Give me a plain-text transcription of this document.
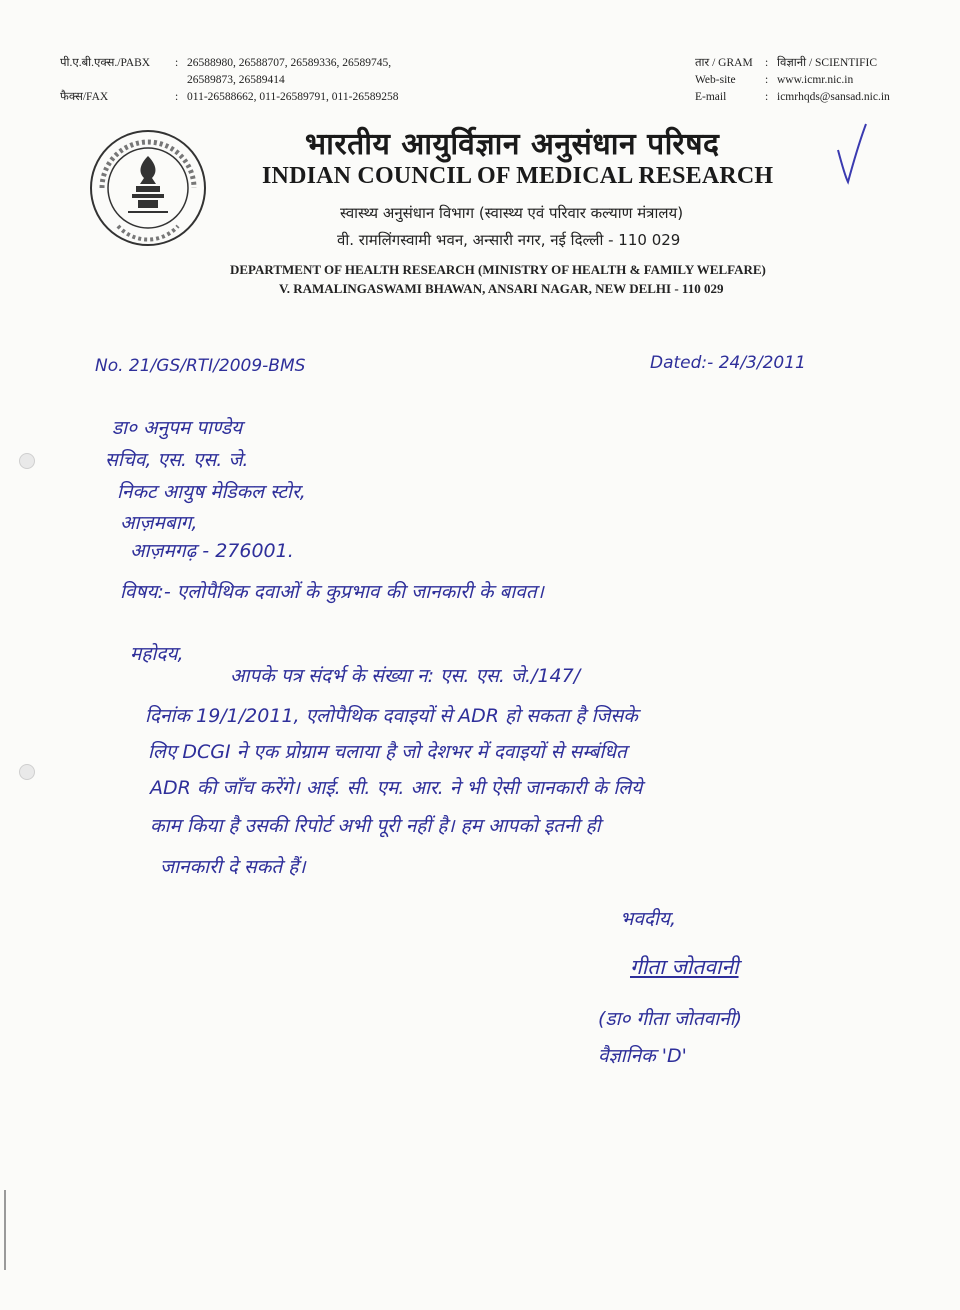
पी.ए.बी.एक्स./PABX	: 26588980, 26588707, 26589336, 26589745,
26589873, 26589414
फैक्स/FAX	: 011-26588662, 011-26589791, 011-26589258
तार / GRAM	: विज्ञानी / SCIENTIFIC
Web-site	: www.icmr.nic.in
E-mail	: icmrhqds@sansad.nic.in
भारतीय आयुर्विज्ञान अनुसंधान परिषद
INDIAN COUNCIL OF MEDICAL RESEARCH
स्वास्थ्य अनुसंधान विभाग (स्वास्थ्य एवं परिवार कल्याण मंत्रालय)
वी. रामलिंगस्वामी भवन, अन्सारी नगर, नई दिल्ली - 110 029
DEPARTMENT OF HEALTH RESEARCH (MINISTRY OF HEALTH & FAMILY WELFARE)
V. RAMALINGASWAMI BHAWAN, ANSARI NAGAR, NEW DELHI - 110 029
No. 21/GS/RTI/2009-BMS	Dated:- 24/3/2011
डा० अनुपम पाण्डेय
सचिव, एस. एस. जे.
निकट आयुष मेडिकल स्टोर,
आज़मबाग,
आज़मगढ़ - 276001.
विषय:- एलोपैथिक दवाओं के कुप्रभाव की जानकारी के बावत।
महोदय,
आपके पत्र संदर्भ के संख्या न: एस. एस. जे./147/
दिनांक 19/1/2011, एलोपैथिक दवाइयों से ADR हो सकता है जिसके
लिए DCGI ने एक प्रोग्राम चलाया है जो देशभर में दवाइयों से सम्बंधित
ADR की जाँच करेंगे। आई. सी. एम. आर. ने भी ऐसी जानकारी के लिये
काम किया है उसकी रिपोर्ट अभी पूरी नहीं है। हम आपको इतनी ही
जानकारी दे सकते हैं।
भवदीय,
गीता जोतवानी
(डा० गीता जोतवानी)
वैज्ञानिक 'D'
